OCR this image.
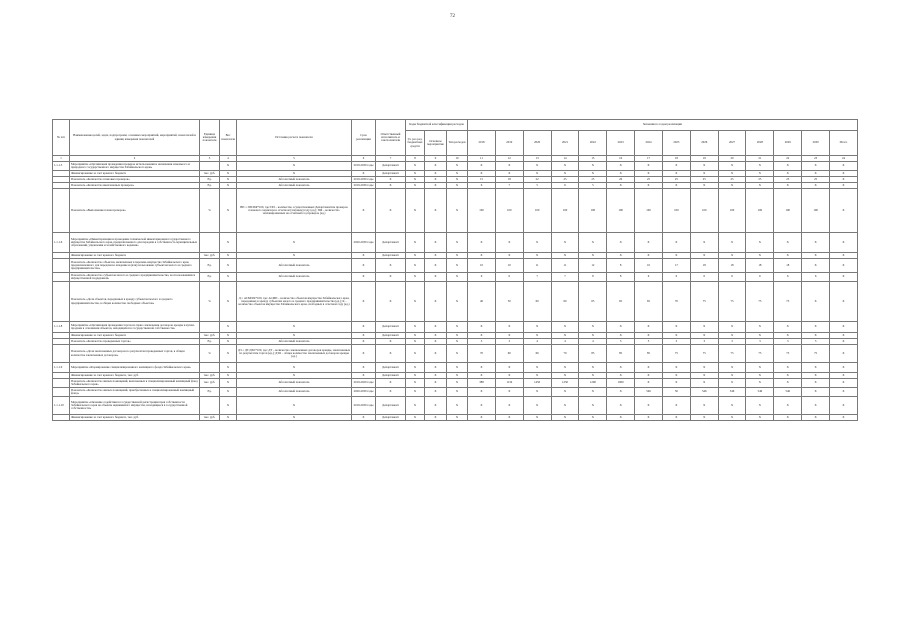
72
№ п/п	Наименование целей, задач, подпрограмм, основных мероприятий, мероприятий, показателей и единиц измерения показателей	Единица измерения показателя	Вес показателя	Источник расчета показателя	Срок реализации	Ответственный исполнитель и соисполнители	Коды бюджетной классификации расходов			Значения по годам реализации														
							Гл. рас-ред. бюджетных средств	Основное мероприятие	Тип расходов	2018	2019	2020	2021	2022	2023	2024	2025	2026	2027	2028	2029	2030	Итого	
1	2	3	4	5	6	7	8	9	10	11	12	13	14	15	16	17	18	19	20	21	22	23	24	
1.1.1.5	Мероприятие «Организация проведения проверок использования и назначения земельного и природного государственного имущества Забайкальского края»		X	X	2019-2030 годы	Департамент	X	X	X	X	X	X	X	X	X	X	X	X	X	X	X	X	X	
	Финансирование за счет краевого бюджета	тыс. руб.	X	X	X	Департамент	X	X	X	X	X	X	X	X	X	X	X	X	X	X	X	X	X	
	Показатель «Количество плановых проверок»	Ед.	X	Абсолютный показатель	2019-2030 годы	X	X	X	X	15	18	22	25	25	26	25	25	25	25	25	25	25	X	
	Показатель «Количество внеплановых проверок»	Ед.	X	Абсолютный показатель	2019-2030 годы	X	X	X	X	6	7	5	6	5	X	X	X	X	X	X	X	X	X	
	Показатель «Выполнение плана проверок»	%	X	ВП = ПП/ПФ*100, где: ПП – количество осуществленных Департаментом проверок планового характера в отчетном (текущем) году (ед.); ПФ – количество запланированных на отчетный год проверок (ед.)	X	X	X	X	X	100	100	100	100	100	100	100	100	100	100	100	100	100	X	
1.1.1.6	Мероприятие «Инвентаризация и проведение технической инвентаризации государственного имущества Забайкальского края, предназначенного для передачи в собственность муниципальных образований, управления и хозяйственного ведения»		X	X	2020-2030 годы	Департамент	X	X	X	X	X	X	X	X	X	X	X	X	X	X	X	X	X	
	Финансирование за счет краевого бюджета	тыс. руб.	X	X	X	Департамент	X	X	X	X	X	X	X	X	X	X	X	X	X	X	X	X	X	
	Показатель «Количество объектов, включенных в перечень имущества Забайкальского края, предназначенного для передачи во владение и (или) пользование субъектам малого и среднего предпринимательства»	Ед.	X	Абсолютный показатель	X	X	X	X	X	10	10	11	11	12	8	10	17	18	18	18	18	X	X	
	Показатель «Количество субъектов малого и среднего предпринимательства, воспользовавшихся имущественной поддержкой»	Ед.	X	Абсолютный показатель	X	X	X	X	X	6	6	7	7	8	8	6	6	6	6	6	6	6	X	
	Показатель «Доля объектов, переданных в аренду субъектам малого и среднего предпринимательства, в общем количестве свободных объектов»	%	X	Д = АСМП/К*100, где: АСМП – количество объектов имущества Забайкальского края, переданных в аренду субъектам малого и среднего предпринимательства (ед.); К – количество объектов имущества Забайкальского края, свободных в отчетном году (ед.)	X	X	X	X	X	40	50	60	60	65	65	65	70	75	75	75	75	X	X	
1.1.1.8	Мероприятие «Организация проведения торгов на право заключения договоров аренды и купли-продажи в отношении объектов, находящихся в государственной собственности»		X	X	X	Департамент	X	X	X	X	X	X	X	X	X	X	X	X	X	X	X	X	X	
	Финансирование за счет краевого бюджета	тыс. руб.	X	X	X	Департамент	X	X	X	X	X	X	X	X	X	X	X	X	X	X	X	X	X	
	Показатель «Количество проведенных торгов»	Ед.	X	Абсолютный показатель	X	X	X	X	X	3	3	4	4	4	3	3	3	3	3	3	3	3	X	
	Показатель «Доля заключенных договоров по результатам проведенных торгов, в общем количестве заключенных договоров»	%	X	ДЗ = ДТ/ДЗО*100, где: ДТ – количество заключенных договоров аренды, заключенных по результатам торгов (ед.); ДЗО – общее количество заключенных договоров аренды (ед.)	X	X	X	X	X	70	60	66	70	85	85	85	75	75	75	75	75	75	X	
1.1.1.9	Мероприятие «Формирование специализированного жилищного фонда Забайкальского края»		X	X	X	Департамент	X	X	X	X	X	X	X	X	X	X	X	X	X	X	X	X	X	
	Финансирование за счет краевого бюджета, тыс. руб.	тыс. руб.	X	X	X	Департамент	X	X	X	X	X	X	X	X	X	X	X	X	X	X	X	X	X	
	Показатель «Количество жилых помещений, включенных в специализированный жилищный фонд Забайкальского края»	тыс. руб.	X	Абсолютный показатель	2019-2020 годы	X	X	X	X	388	1134	1450	1250	1200	1000	X	X	X	X	X	X	X	X	
	Показатель «Количество жилых помещений, приобретенных в специализированный жилищный фонд»	Ед.	X	Абсолютный показатель	2020-2030 годы	X	X	X	X	X	X	X	X	X	X	546	50	546	546	546	546	X	X	
1.1.1.10	Мероприятие «Оказание содействия в государственной регистрации прав собственности Забайкальского края на объекты недвижимого имущества, находящиеся в государственной собственности»		X	X	2019-2030 годы	Департамент	X	X	X	X	X	X	X	X	X	X	X	X	X	X	X	X	X	
	Финансирование за счет краевого бюджета, тыс. руб.	тыс. руб.	X	X	X	Департамент	X	X	X	X	X	X	X	X	X	X	X	X	X	X	X	X	X	
